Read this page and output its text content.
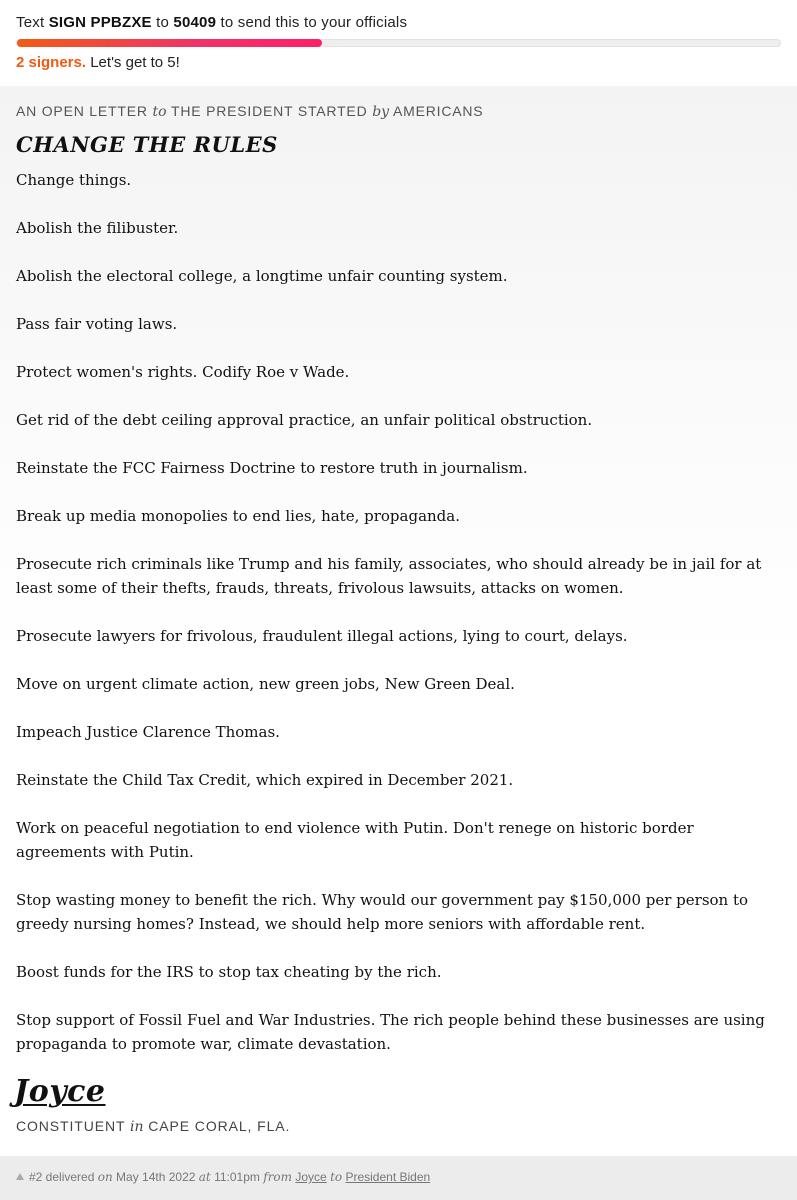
Text SIGN PPBZXE to 50409 to send this to your officials
2 signers. Let's get to 5!
AN OPEN LETTER to THE PRESIDENT STARTED by AMERICANS
CHANGE THE RULES

Change things.

Abolish the filibuster.

Abolish the electoral college, a longtime unfair counting system.

Pass fair voting laws.

Protect women's rights. Codify Roe v Wade.

Get rid of the debt ceiling approval practice, an unfair political obstruction.

Reinstate the FCC Fairness Doctrine to restore truth in journalism.

Break up media monopolies to end lies, hate, propaganda.

Prosecute rich criminals like Trump and his family, associates, who should already be in jail for at least some of their thefts, frauds, threats, frivolous lawsuits, attacks on women.

Prosecute lawyers for frivolous, fraudulent illegal actions, lying to court, delays.

Move on urgent climate action, new green jobs, New Green Deal.

Impeach Justice Clarence Thomas.

Reinstate the Child Tax Credit, which expired in December 2021.

Work on peaceful negotiation to end violence with Putin. Don't renege on historic border agreements with Putin.

Stop wasting money to benefit the rich. Why would our government pay $150,000 per person to greedy nursing homes? Instead, we should help more seniors with affordable rent.

Boost funds for the IRS to stop tax cheating by the rich.

Stop support of Fossil Fuel and War Industries. The rich people behind these businesses are using propaganda to promote war, climate devastation.

Joyce
CONSTITUENT in CAPE CORAL, FLA.
#2 delivered on May 14th 2022 at 11:01pm from Joyce to President Biden
